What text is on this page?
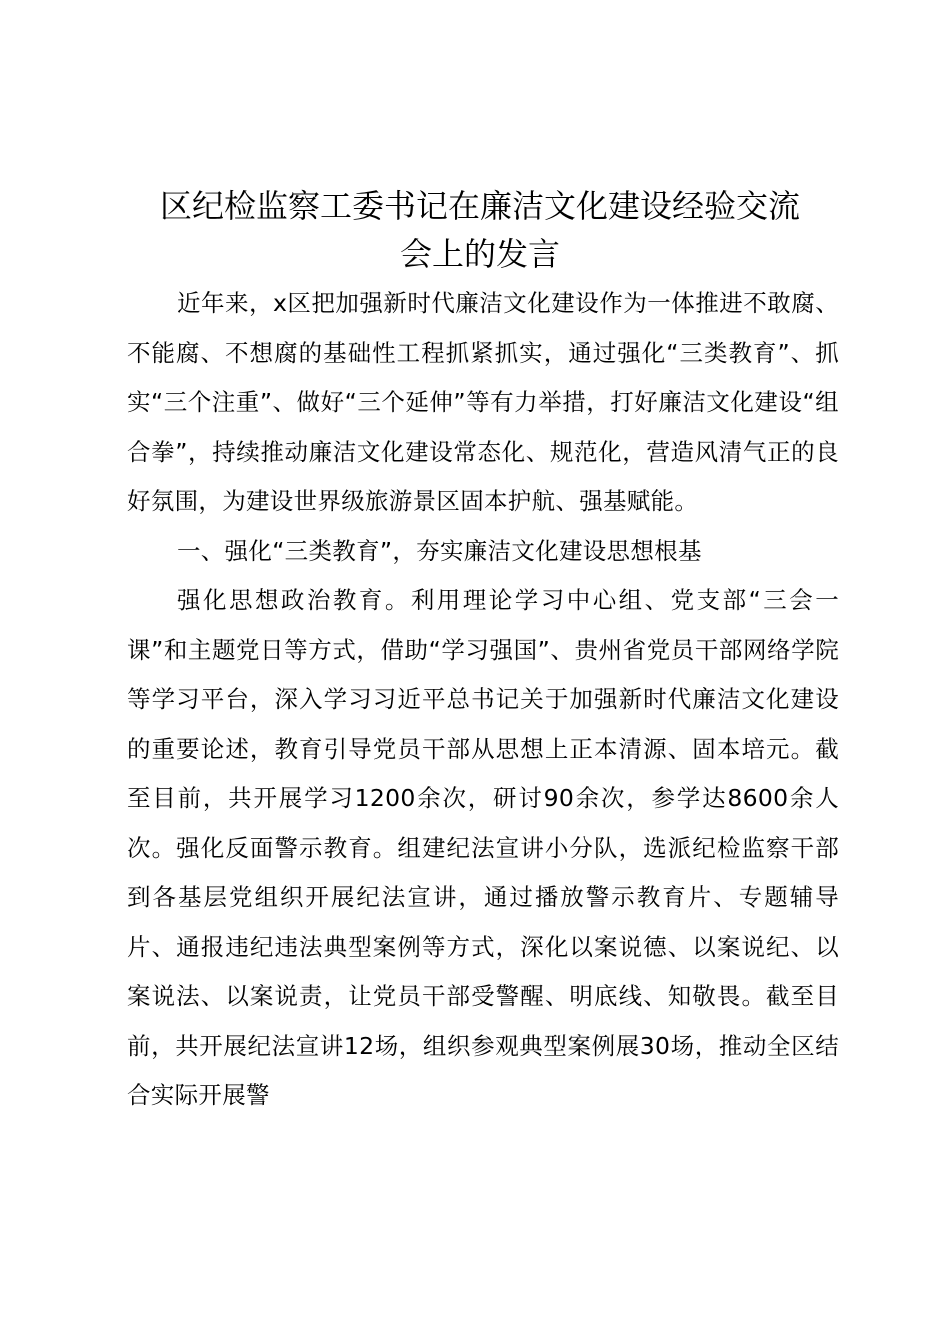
区纪检监察工委书记在廉洁文化建设经验交流
会上的发言

近年来，x区把加强新时代廉洁文化建设作为一体推进不敢腐、不能腐、不想腐的基础性工程抓紧抓实，通过强化“三类教育”、抓实“三个注重”、做好“三个延伸”等有力举措，打好廉洁文化建设“组合拳”，持续推动廉洁文化建设常态化、规范化，营造风清气正的良好氛围，为建设世界级旅游景区固本护航、强基赋能。

一、强化“三类教育”，夯实廉洁文化建设思想根基

强化思想政治教育。利用理论学习中心组、党支部“三会一课”和主题党日等方式，借助“学习强国”、贵州省党员干部网络学院等学习平台，深入学习习近平总书记关于加强新时代廉洁文化建设的重要论述，教育引导党员干部从思想上正本清源、固本培元。截至目前，共开展学习1200余次，研讨90余次，参学达8600余人次。强化反面警示教育。组建纪法宣讲小分队，选派纪检监察干部到各基层党组织开展纪法宣讲，通过播放警示教育片、专题辅导片、通报违纪违法典型案例等方式，深化以案说德、以案说纪、以案说法、以案说责，让党员干部受警醒、明底线、知敬畏。截至目前，共开展纪法宣讲12场，组织参观典型案例展30场，推动全区结合实际开展警
